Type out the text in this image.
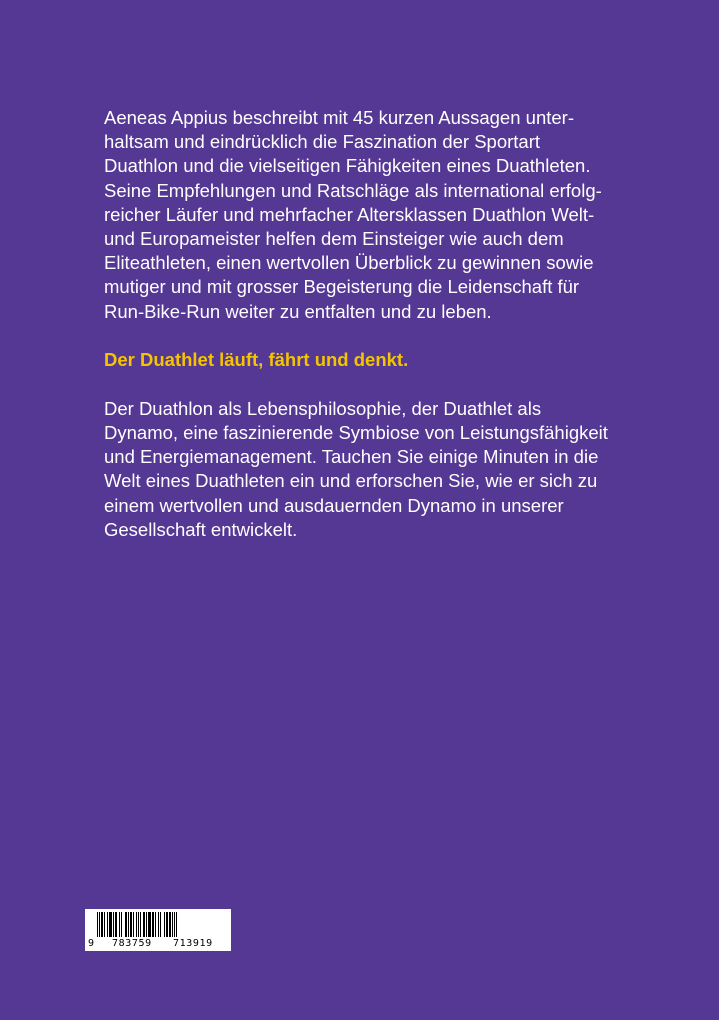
Aeneas Appius beschreibt mit 45 kurzen Aussagen unter-
haltsam und eindrücklich die Faszination der Sportart
Duathlon und die vielseitigen Fähigkeiten eines Duathleten.
Seine Empfehlungen und Ratschläge als international erfolg-
reicher Läufer und mehrfacher Altersklassen Duathlon Welt-
und Europameister helfen dem Einsteiger wie auch dem
Eliteathleten, einen wertvollen Überblick zu gewinnen sowie
mutiger und mit grosser Begeisterung die Leidenschaft für
Run-Bike-Run weiter zu entfalten und zu leben.

Der Duathlet läuft, fährt und denkt.

Der Duathlon als Lebensphilosophie, der Duathlet als
Dynamo, eine faszinierende Symbiose von Leistungsfähigkeit
und Energiemanagement. Tauchen Sie einige Minuten in die
Welt eines Duathleten ein und erforschen Sie, wie er sich zu
einem wertvollen und ausdauernden Dynamo in unserer
Gesellschaft entwickelt.

9 783759 713919
